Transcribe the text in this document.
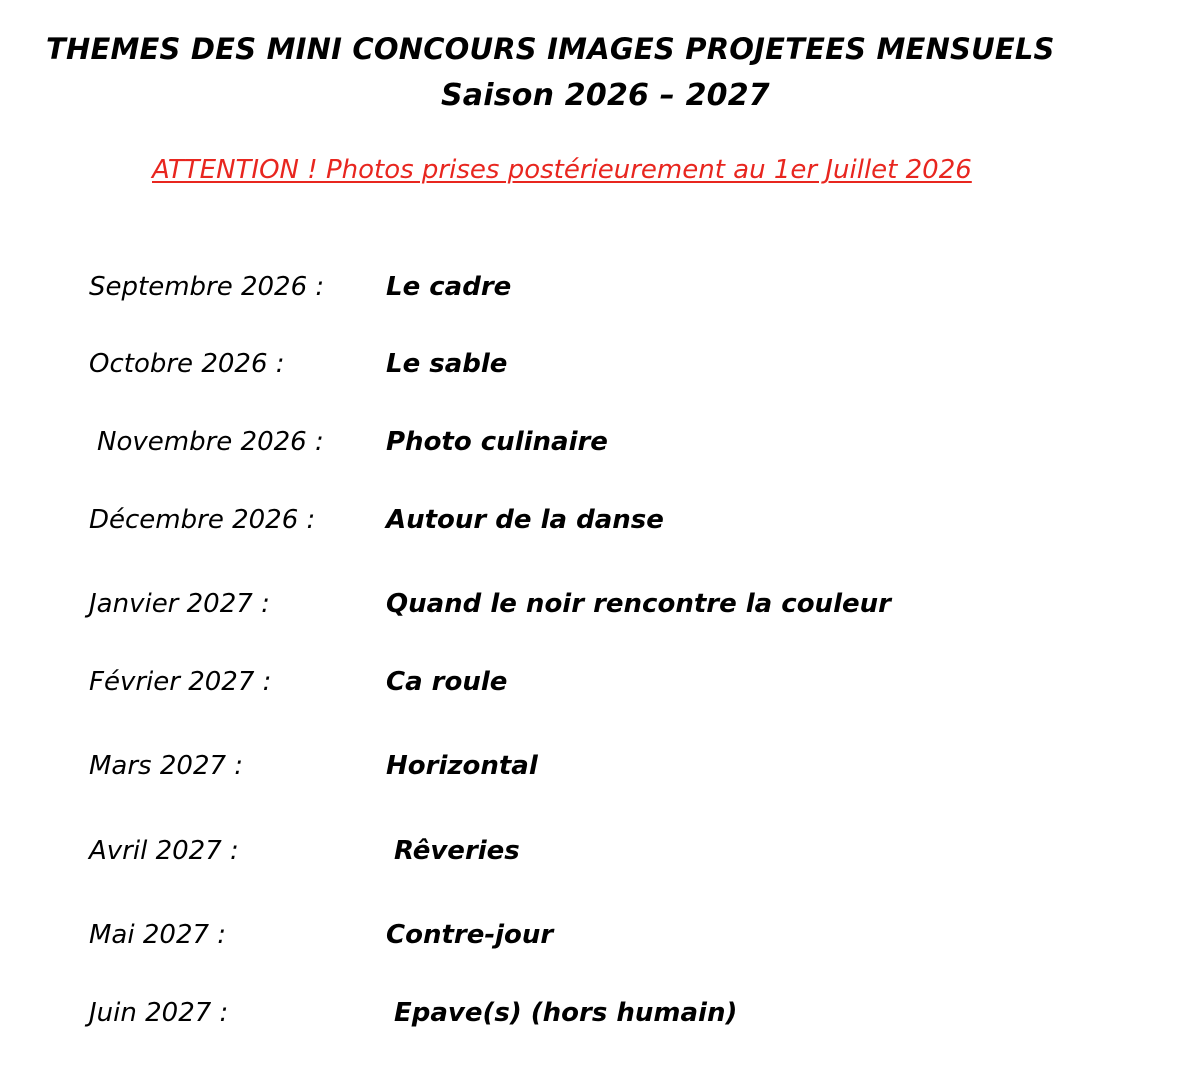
THEMES DES MINI CONCOURS IMAGES PROJETEES MENSUELS
Saison 2026 – 2027
ATTENTION ! Photos prises postérieurement au 1er Juillet 2026
Septembre 2026 : Le cadre
Octobre 2026 :	Le sable
Novembre 2026 : Photo culinaire
Décembre 2026 :	Autour de la danse
Janvier 2027 :	Quand le noir rencontre la couleur
Février 2027 :	Ca roule
Mars 2027 :	Horizontal
Avril 2027 :	Rêveries
Mai 2027 :	Contre-jour
Juin 2027 :	Epave(s) (hors humain)
